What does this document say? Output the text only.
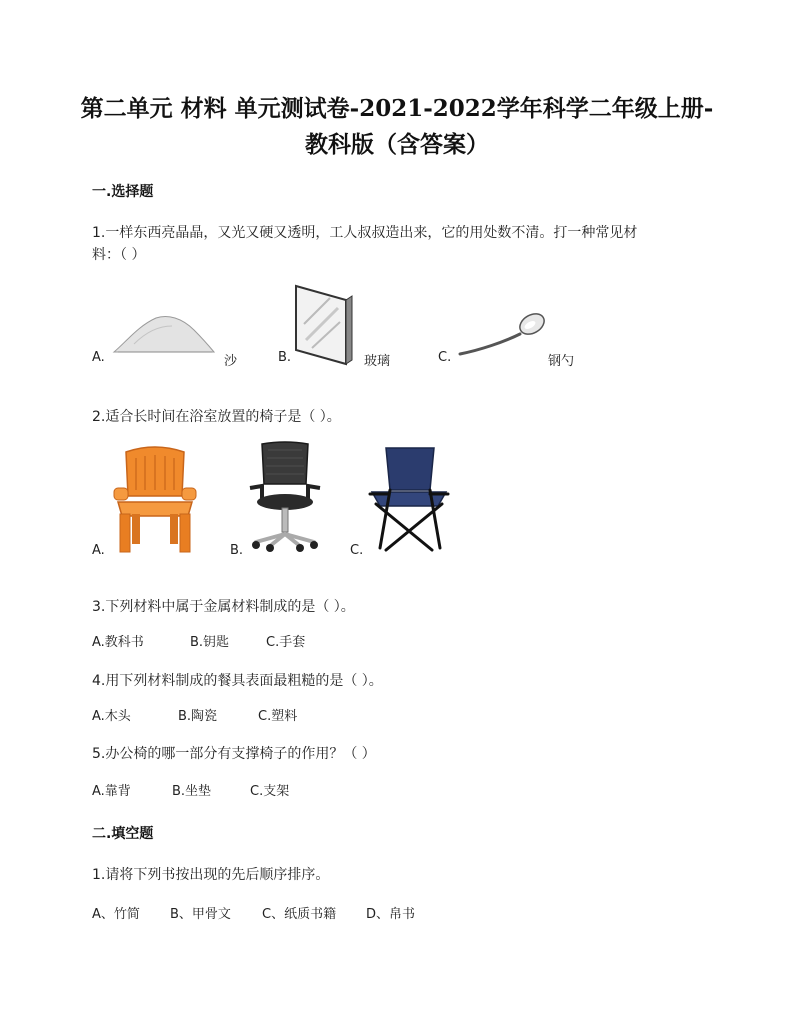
第二单元 材料 单元测试卷-2021-2022学年科学二年级上册-
教科版（含答案）
一.选择题
1.一样东西亮晶晶，又光又硬又透明，工人叔叔造出来，它的用处数不清。打一种常见材
料：（ ）
A.	沙	B.	玻璃	C.	钢勺
2.适合长时间在浴室放置的椅子是（ ）。
A.	B.	C.
3.下列材料中属于金属材料制成的是（ ）。
A.教科书	B.钥匙	C.手套
4.用下列材料制成的餐具表面最粗糙的是（ ）。
A.木头	B.陶瓷	C.塑料
5.办公椅的哪一部分有支撑椅子的作用？（ ）
A.靠背	B.坐垫	C.支架
二.填空题
1.请将下列书按出现的先后顺序排序。
A、竹简 B、甲骨文 C、纸质书籍 D、帛书
